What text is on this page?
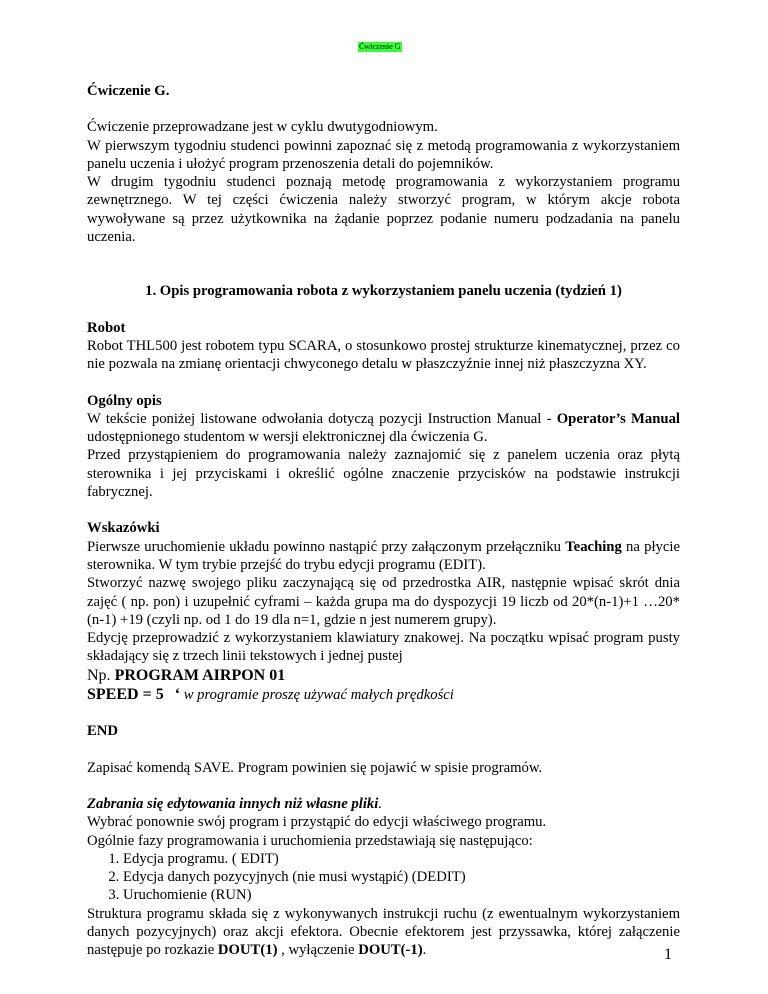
Ćwiczenie G

Ćwiczenie G.

Ćwiczenie przeprowadzane jest w cyklu dwutygodniowym.

W pierwszym tygodniu studenci powinni zapoznać się z metodą programowania z wykorzystaniem panelu uczenia i ułożyć program przenoszenia detali do pojemników.

W drugim tygodniu studenci poznają metodę programowania z wykorzystaniem programu zewnętrznego. W tej części ćwiczenia należy stworzyć program, w którym akcje robota wywoływane są przez użytkownika na żądanie poprzez podanie numeru podzadania na panelu uczenia.

1. Opis programowania robota z wykorzystaniem panelu uczenia (tydzień 1)

Robot

Robot THL500 jest robotem typu SCARA, o stosunkowo prostej strukturze kinematycznej, przez co nie pozwala na zmianę orientacji chwyconego detalu w płaszczyźnie innej niż płaszczyzna XY.

Ogólny opis

W tekście poniżej listowane odwołania dotyczą pozycji Instruction Manual - Operator’s Manual udostępnionego studentom w wersji elektronicznej dla ćwiczenia G.

Przed przystąpieniem do programowania należy zaznajomić się z panelem uczenia oraz płytą sterownika i jej przyciskami i określić ogólne znaczenie przycisków na podstawie instrukcji fabrycznej.

Wskazówki

Pierwsze uruchomienie układu powinno nastąpić przy załączonym przełączniku Teaching na płycie sterownika. W tym trybie przejść do trybu edycji programu (EDIT).

Stworzyć nazwę swojego pliku zaczynającą się od przedrostka AIR, następnie wpisać skrót dnia zajęć ( np. pon) i uzupełnić cyframi – każda grupa ma do dyspozycji 19 liczb od 20*(n-1)+1 …20*(n-1) +19 (czyli np. od 1 do 19 dla n=1, gdzie n jest numerem grupy).

Edycję przeprowadzić z wykorzystaniem klawiatury znakowej. Na początku wpisać program pusty składający się z trzech linii tekstowych i jednej pustej

Np. PROGRAM AIRPON 01

SPEED = 5 ‘ w programie proszę używać małych prędkości

END

Zapisać komendą SAVE. Program powinien się pojawić w spisie programów.

Zabrania się edytowania innych niż własne pliki.

Wybrać ponownie swój program i przystąpić do edycji właściwego programu.

Ogólnie fazy programowania i uruchomienia przedstawiają się następująco:

1. Edycja programu. ( EDIT)
2. Edycja danych pozycyjnych (nie musi wystąpić) (DEDIT)
3. Uruchomienie (RUN)

Struktura programu składa się z wykonywanych instrukcji ruchu (z ewentualnym wykorzystaniem danych pozycyjnych) oraz akcji efektora. Obecnie efektorem jest przyssawka, której załączenie następuje po rozkazie DOUT(1) , wyłączenie DOUT(-1).	1
